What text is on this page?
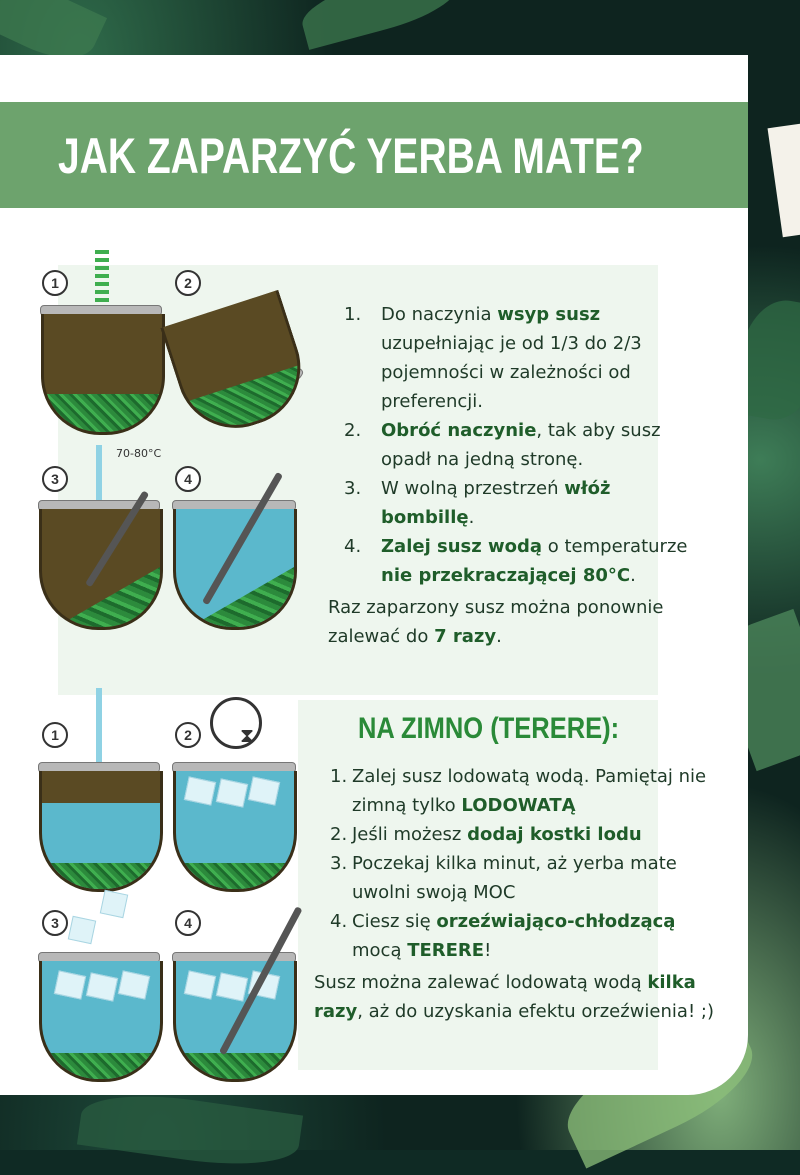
JAK ZAPARZYĆ YERBA MATE?
1	2
3	4
70-80°C
1	2
3	4
⧗
1. Do naczynia wsyp susz uzupełniając je od 1/3 do 2/3 pojemności w zależności od preferencji.
2. Obróć naczynie, tak aby susz opadł na jedną stronę.
3. W wolną przestrzeń włóż bombillę.
4. Zalej susz wodą o temperaturze
nie przekraczającej 80°C.
Raz zaparzony susz można ponownie zalewać do 7 razy.
NA ZIMNO (TERERE):
1. Zalej susz lodowatą wodą. Pamiętaj nie zimną tylko LODOWATĄ
2. Jeśli możesz dodaj kostki lodu
3. Poczekaj kilka minut, aż yerba mate uwolni swoją MOC
4. Ciesz się orzeźwiająco-chłodzącą mocą TERERE!
Susz można zalewać lodowatą wodą kilka razy, aż do uzyskania efektu orzeźwienia! ;)
